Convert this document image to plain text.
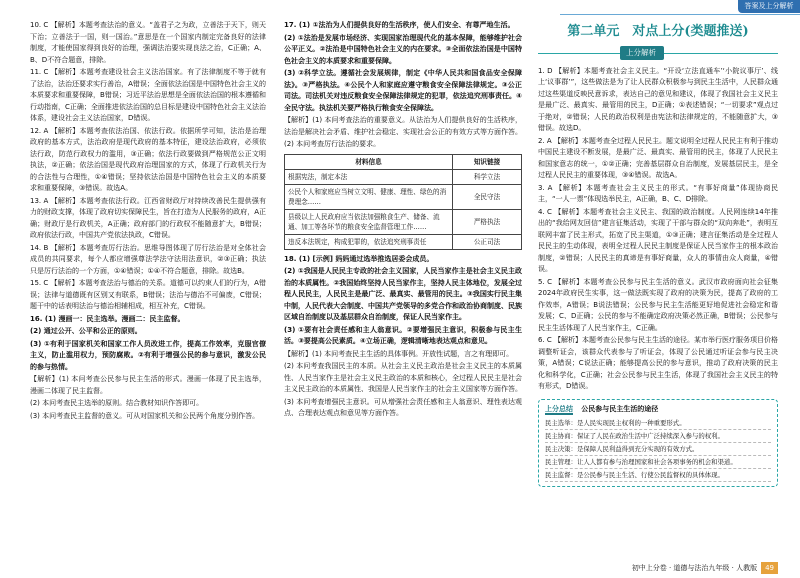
答案及上分解析

10. C 【解析】本题考查法治的意义。“盖君子之为政，立善法于天下，则天下治；立善法于一国，则一国治。”意思是在一个国家内制定完备良好的法律制度，才能使国家得到良好的治理，强调法治要实现良法之治，C正确；A、B、D不符合题意，排除。

11. C 【解析】本题考查建设社会主义法治国家。有了法律制度不等于就有了法治，法治还要求实行善治，A错误；全面依法治国是中国特色社会主义的本质要求和重要保障，B错误；习近平法治思想是全面依法治国的根本遵循和行动指南，C正确；全面推进依法治国的总目标是建设中国特色社会主义法治体系，建设社会主义法治国家，D错误。

12. A 【解析】本题考查依法治国、依法行政。依据所学可知，法治是治理政府的基本方式，法治政府是现代政府的基本特征，建设法治政府，必须依法行政，防范行政权力的滥用，③正确；依法行政要做到严格规范公正文明执法，②正确；依法治国是现代政府治理国家的方式，体现了行政机关行为的合法性与合理性，①④错误；坚持依法治国是中国特色社会主义的本质要求和重要保障，③错误。故选A。

13. A 【解析】本题考查依法行政。江西省财政厅对持续改善民生提供强有力的财政支撑，体现了政府切实保障民生，旨在打造为人民服务的政府，A正确；财政厅是行政机关，A正确；政府部门的行政权不能随意扩大，B错误；政府依法行政，中国共产党依法执政，C错误。

14. B 【解析】本题考查厉行法治。思维导图体现了厉行法治是对全体社会成员的共同要求，每个人都应增强尊法学法守法用法意识，②③正确；执法只是厉行法治的一个方面，①④错误；①④不符合题意，排除。故选B。

15. C 【解析】本题考查法治与德治的关系。道德可以约束人们的行为，A错误；法律与道德既有区别又有联系，B错误；法治与德治不可偏废，C错误；题干中的话表明法治与德治相辅相成，相互补充，C错误。

16. (1) 漫画一：民主选举。漫画二：民主监督。

(2) 通过公开、公平和公正的原则。

(3) ①有利于国家机关和国家工作人员改进工作，提高工作效率，克服官僚主义，防止滥用权力，预防腐败。②有利于增强公民的参与意识，激发公民的参与热情。

【解析】(1) 本问考查公民参与民主生活的形式。漫画一体现了民主选举，漫画二体现了民主监督。

(2) 本问考查民主选举的原则。结合教材知识作答即可。

(3) 本问考查民主监督的意义。可从对国家机关和公民两个角度分别作答。

17. (1) ①法治为人们提供良好的生活秩序，使人们安全、有尊严地生活。

(2) ①法治是发展市场经济、实现国家治理现代化的基本保障，能够维护社会公平正义。②法治是中国特色社会主义的内在要求。③全面依法治国是中国特色社会主义的本质要求和重要保障。

(3) ②科学立法。遵循社会发展规律，制定《中华人民共和国食品安全保障法》。③严格执法。④公民个人和家庭应遵守粮食安全保障法律规定。③公正司法。司法机关对违反粮食安全保障法律规定的犯罪，依法追究刑事责任。④全民守法。执法机关要严格执行粮食安全保障法。

【解析】(1) 本问考查法治的重要意义。从法治为人们提供良好的生活秩序，法治是解决社会矛盾、维护社会稳定、实现社会公正的有效方式等方面作答。

(2) 本问考查厉行法治的要求。

材料信息	知识链接
根据宪法，制定本法	科学立法
公民个人和家庭应当树立文明、健康、理性、绿色的消费理念……	全民守法
县级以上人民政府应当依法加强粮食生产、储备、流通、加工等各环节的粮食安全监督管理工作……	严格执法
违反本法规定，构成犯罪的，依法追究刑事责任	公正司法

18. (1) [示例] 妈妈通过选举推选居委会成员。

(2) ①我国是人民民主专政的社会主义国家，人民当家作主是社会主义民主政治的本质属性。②我国始终坚持人民当家作主，坚持人民主体地位，发展全过程人民民主，人民民主是最广泛、最真实、最管用的民主。③我国实行民主集中制，人民代表大会制度、中国共产党领导的多党合作和政治协商制度、民族区域自治制度以及基层群众自治制度，保证人民当家作主。

(3) ①要有社会责任感和主人翁意识。②要增强民主意识，积极参与民主生活。③要提高公民素质。④立场正确，逻辑清晰地表达观点和意见。

【解析】(1) 本问考查民主生活的具体事例。开放性试题，言之有理即可。

(2) 本问考查我国民主的本质。从社会主义民主政治是社会主义民主的本质属性、人民当家作主是社会主义民主政治的本质和核心，全过程人民民主是社会主义民主政治的本质属性、我国是人民当家作主的社会主义国家等方面作答。

(3) 本问考查增强民主意识。可从增强社会责任感和主人翁意识、理性表达观点、合理表达观点和意见等方面作答。

第二单元　对点上分(类题推送)
上分解析

1. D 【解析】本题考查社会主义民主。“开设‘立法直通车’‘小院议事厅’、线上‘议事群’”，这些做法是为了让人民群众积极参与到民主生活中，人民群众通过这些渠道反映民意诉求，表达自己的意见和建议，体现了我国社会主义民主是最广泛、最真实、最管用的民主，D正确；①表述错误；“一切要求”观点过于绝对，②错误；人民的政治权利是由宪法和法律规定的，不能随意扩大，③错误。故选D。

2. A 【解析】本题考查全过程人民民主。题文说明全过程人民民主有利于推动中国民主建设不断发展，是最广泛、最真实、最管用的民主，体现了人民民主和国家意志的统一，①②正确；完善基层群众自治制度，发展基层民主，是全过程人民民主的重要体现，③④错误。故选A。

3. A 【解析】本题考查社会主义民主的形式。“有事好商量”体现协商民主，“一人一票”体现选举民主，A正确，B、C、D排除。

4. C 【解析】本题考查社会主义民主、我国的政治制度。人民网连续14年推出的“我给网友回信”建言征集活动，实现了干部与群众的“双向奔赴”，表明互联网丰富了民主形式，拓宽了民主渠道，①③正确；建言征集活动是全过程人民民主的生动体现，表明全过程人民民主制度是保证人民当家作主的根本政治制度，②错误；人民民主的真谛是有事好商量，众人的事情由众人商量，④错误。

5. C 【解析】本题考查公民参与民主生活的意义。武汉市政府面向社会征集2024年政府民生实事，这一做法既实现了政府的决策为民，提高了政府的工作效率，A错误；B说法错误；公民参与民主生活能更好地促进社会稳定和谐发展；C、D正确；公民的参与不能确定政府决策必然正确，B错误；公民参与民主生活体现了人民当家作主，C正确。

6. C 【解析】本题考查公民参与民主生活的途径。某市举行医疗服务项目价格调整听证会，该群众代表参与了听证会，体现了公民通过听证会参与民主决策，A错误；C说法正确；能够提高公民的参与意识，推动了政府决策的民主化和科学化，C正确；社会公民参与民主生活，体现了我国社会主义民主的特有形式，D错误。

上分总结 公民参与民主生活的途径
民主选举：是人民实现民主权利的一种重要形式。
民主协商：保证了人民在政治生活中广泛持续深入参与的权利。
民主决策：是保障人民利益得到充分实现的有效方式。
民主管理：让人人都有参与治理国家和社会各项事务的机会和渠道。
民主监督：是公民参与民主生活、行使公民监督权的具体体现。
初中上分卷 · 道德与法治九年级 · 人教版 49
